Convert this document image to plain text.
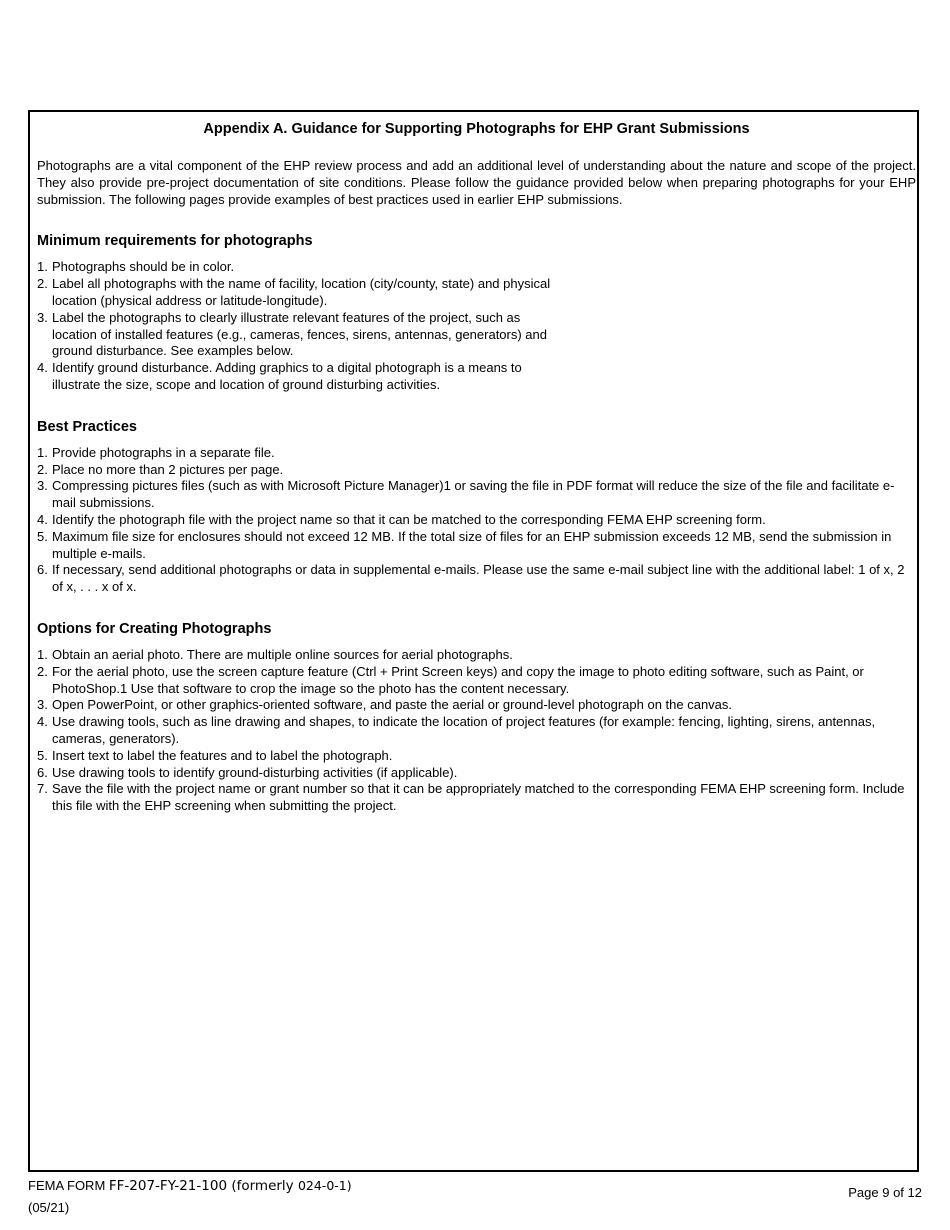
Appendix A. Guidance for Supporting Photographs for EHP Grant Submissions

Photographs are a vital component of the EHP review process and add an additional level of understanding about the nature and scope of the project. They also provide pre-project documentation of site conditions. Please follow the guidance provided below when preparing photographs for your EHP submission. The following pages provide examples of best practices used in earlier EHP submissions.

Minimum requirements for photographs

1. Photographs should be in color.
2. Label all photographs with the name of facility, location (city/county, state) and physical location (physical address or latitude-longitude).
3. Label the photographs to clearly illustrate relevant features of the project, such as location of installed features (e.g., cameras, fences, sirens, antennas, generators) and ground disturbance. See examples below.
4. Identify ground disturbance. Adding graphics to a digital photograph is a means to illustrate the size, scope and location of ground disturbing activities.

Best Practices

1. Provide photographs in a separate file.
2. Place no more than 2 pictures per page.
3. Compressing pictures files (such as with Microsoft Picture Manager)1 or saving the file in PDF format will reduce the size of the file and facilitate e-mail submissions.
4. Identify the photograph file with the project name so that it can be matched to the corresponding FEMA EHP screening form.
5. Maximum file size for enclosures should not exceed 12 MB. If the total size of files for an EHP submission exceeds 12 MB, send the submission in multiple e-mails.
6. If necessary, send additional photographs or data in supplemental e-mails. Please use the same e-mail subject line with the additional label: 1 of x, 2 of x, . . . x of x.

Options for Creating Photographs

1. Obtain an aerial photo. There are multiple online sources for aerial photographs.
2. For the aerial photo, use the screen capture feature (Ctrl + Print Screen keys) and copy the image to photo editing software, such as Paint, or PhotoShop.1 Use that software to crop the image so the photo has the content necessary.
3. Open PowerPoint, or other graphics-oriented software, and paste the aerial or ground-level photograph on the canvas.
4. Use drawing tools, such as line drawing and shapes, to indicate the location of project features (for example: fencing, lighting, sirens, antennas, cameras, generators).
5. Insert text to label the features and to label the photograph.
6. Use drawing tools to identify ground-disturbing activities (if applicable).
7. Save the file with the project name or grant number so that it can be appropriately matched to the corresponding FEMA EHP screening form. Include this file with the EHP screening when submitting the project.
FEMA FORM FF-207-FY-21-100 (formerly 024-0-1)
(05/21)
Page 9 of 12
